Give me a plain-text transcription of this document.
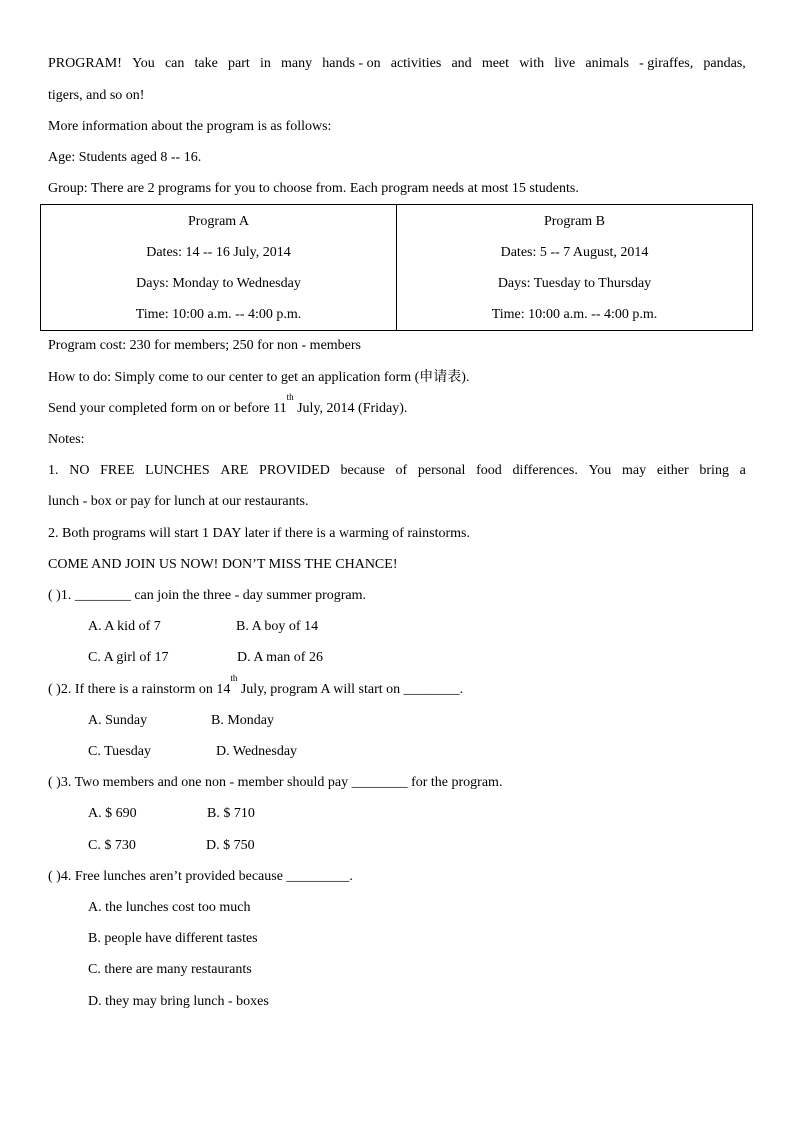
PROGRAM! You can take part in many hands - on activities and meet with live animals - giraffes, pandas,
tigers, and so on!
More information about the program is as follows:
Age: Students aged 8 -- 16.
Group: There are 2 programs for you to choose from. Each program needs at most 15 students.
Program A
Dates: 14 -- 16 July, 2014
Days: Monday to Wednesday
Time: 10:00 a.m. -- 4:00 p.m.

Program B
Dates: 5 -- 7 August, 2014
Days: Tuesday to Thursday
Time: 10:00 a.m. -- 4:00 p.m.
Program cost: 230 for members; 250 for non - members
How to do: Simply come to our center to get an application form (申请表).
Send your completed form on or before 11th July, 2014 (Friday).
Notes:
1. NO FREE LUNCHES ARE PROVIDED because of personal food differences. You may either bring a
lunch - box or pay for lunch at our restaurants.
2. Both programs will start 1 DAY later if there is a warming of rainstorms.
COME AND JOIN US NOW! DON’T MISS THE CHANCE!
( )1. ________ can join the three - day summer program.
A. A kid of 7	B. A boy of 14
C. A girl of 17	D. A man of 26
( )2. If there is a rainstorm on 14th July, program A will start on ________.
A. Sunday	B. Monday
C. Tuesday	D. Wednesday
( )3. Two members and one non - member should pay ________ for the program.
A. $ 690	B. $ 710
C. $ 730	D. $ 750
( )4. Free lunches aren’t provided because _________.
A. the lunches cost too much
B. people have different tastes
C. there are many restaurants
D. they may bring lunch - boxes
